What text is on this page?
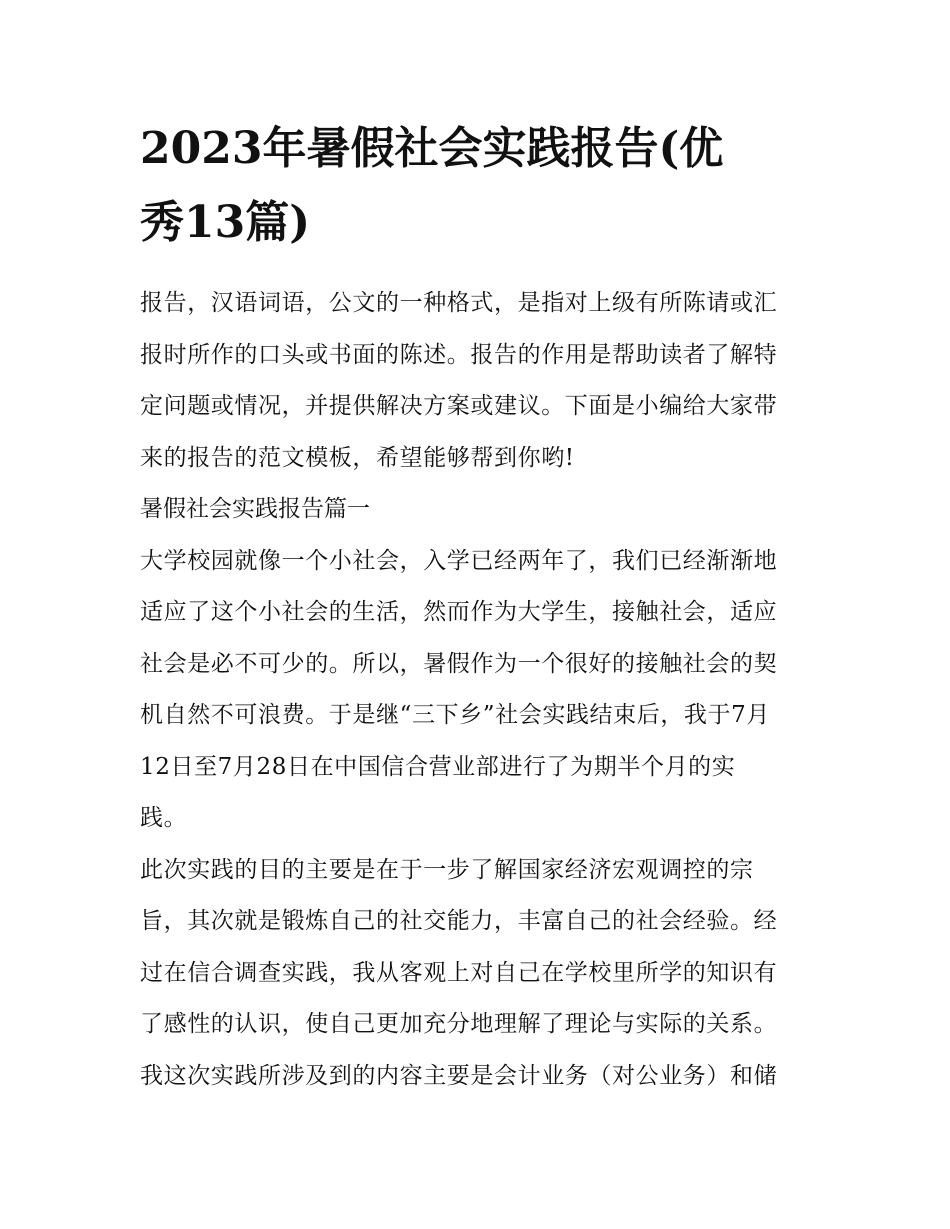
2023年暑假社会实践报告(优
秀13篇)
报告，汉语词语，公文的一种格式，是指对上级有所陈请或汇
报时所作的口头或书面的陈述。报告的作用是帮助读者了解特
定问题或情况，并提供解决方案或建议。下面是小编给大家带
来的报告的范文模板，希望能够帮到你哟!
暑假社会实践报告篇一
大学校园就像一个小社会，入学已经两年了，我们已经渐渐地
适应了这个小社会的生活，然而作为大学生，接触社会，适应
社会是必不可少的。所以，暑假作为一个很好的接触社会的契
机自然不可浪费。于是继“三下乡”社会实践结束后，我于7月
12日至7月28日在中国信合营业部进行了为期半个月的实
践。
此次实践的目的主要是在于一步了解国家经济宏观调控的宗
旨，其次就是锻炼自己的社交能力，丰富自己的社会经验。经
过在信合调查实践，我从客观上对自己在学校里所学的知识有
了感性的认识，使自己更加充分地理解了理论与实际的关系。
我这次实践所涉及到的内容主要是会计业务（对公业务）和储
